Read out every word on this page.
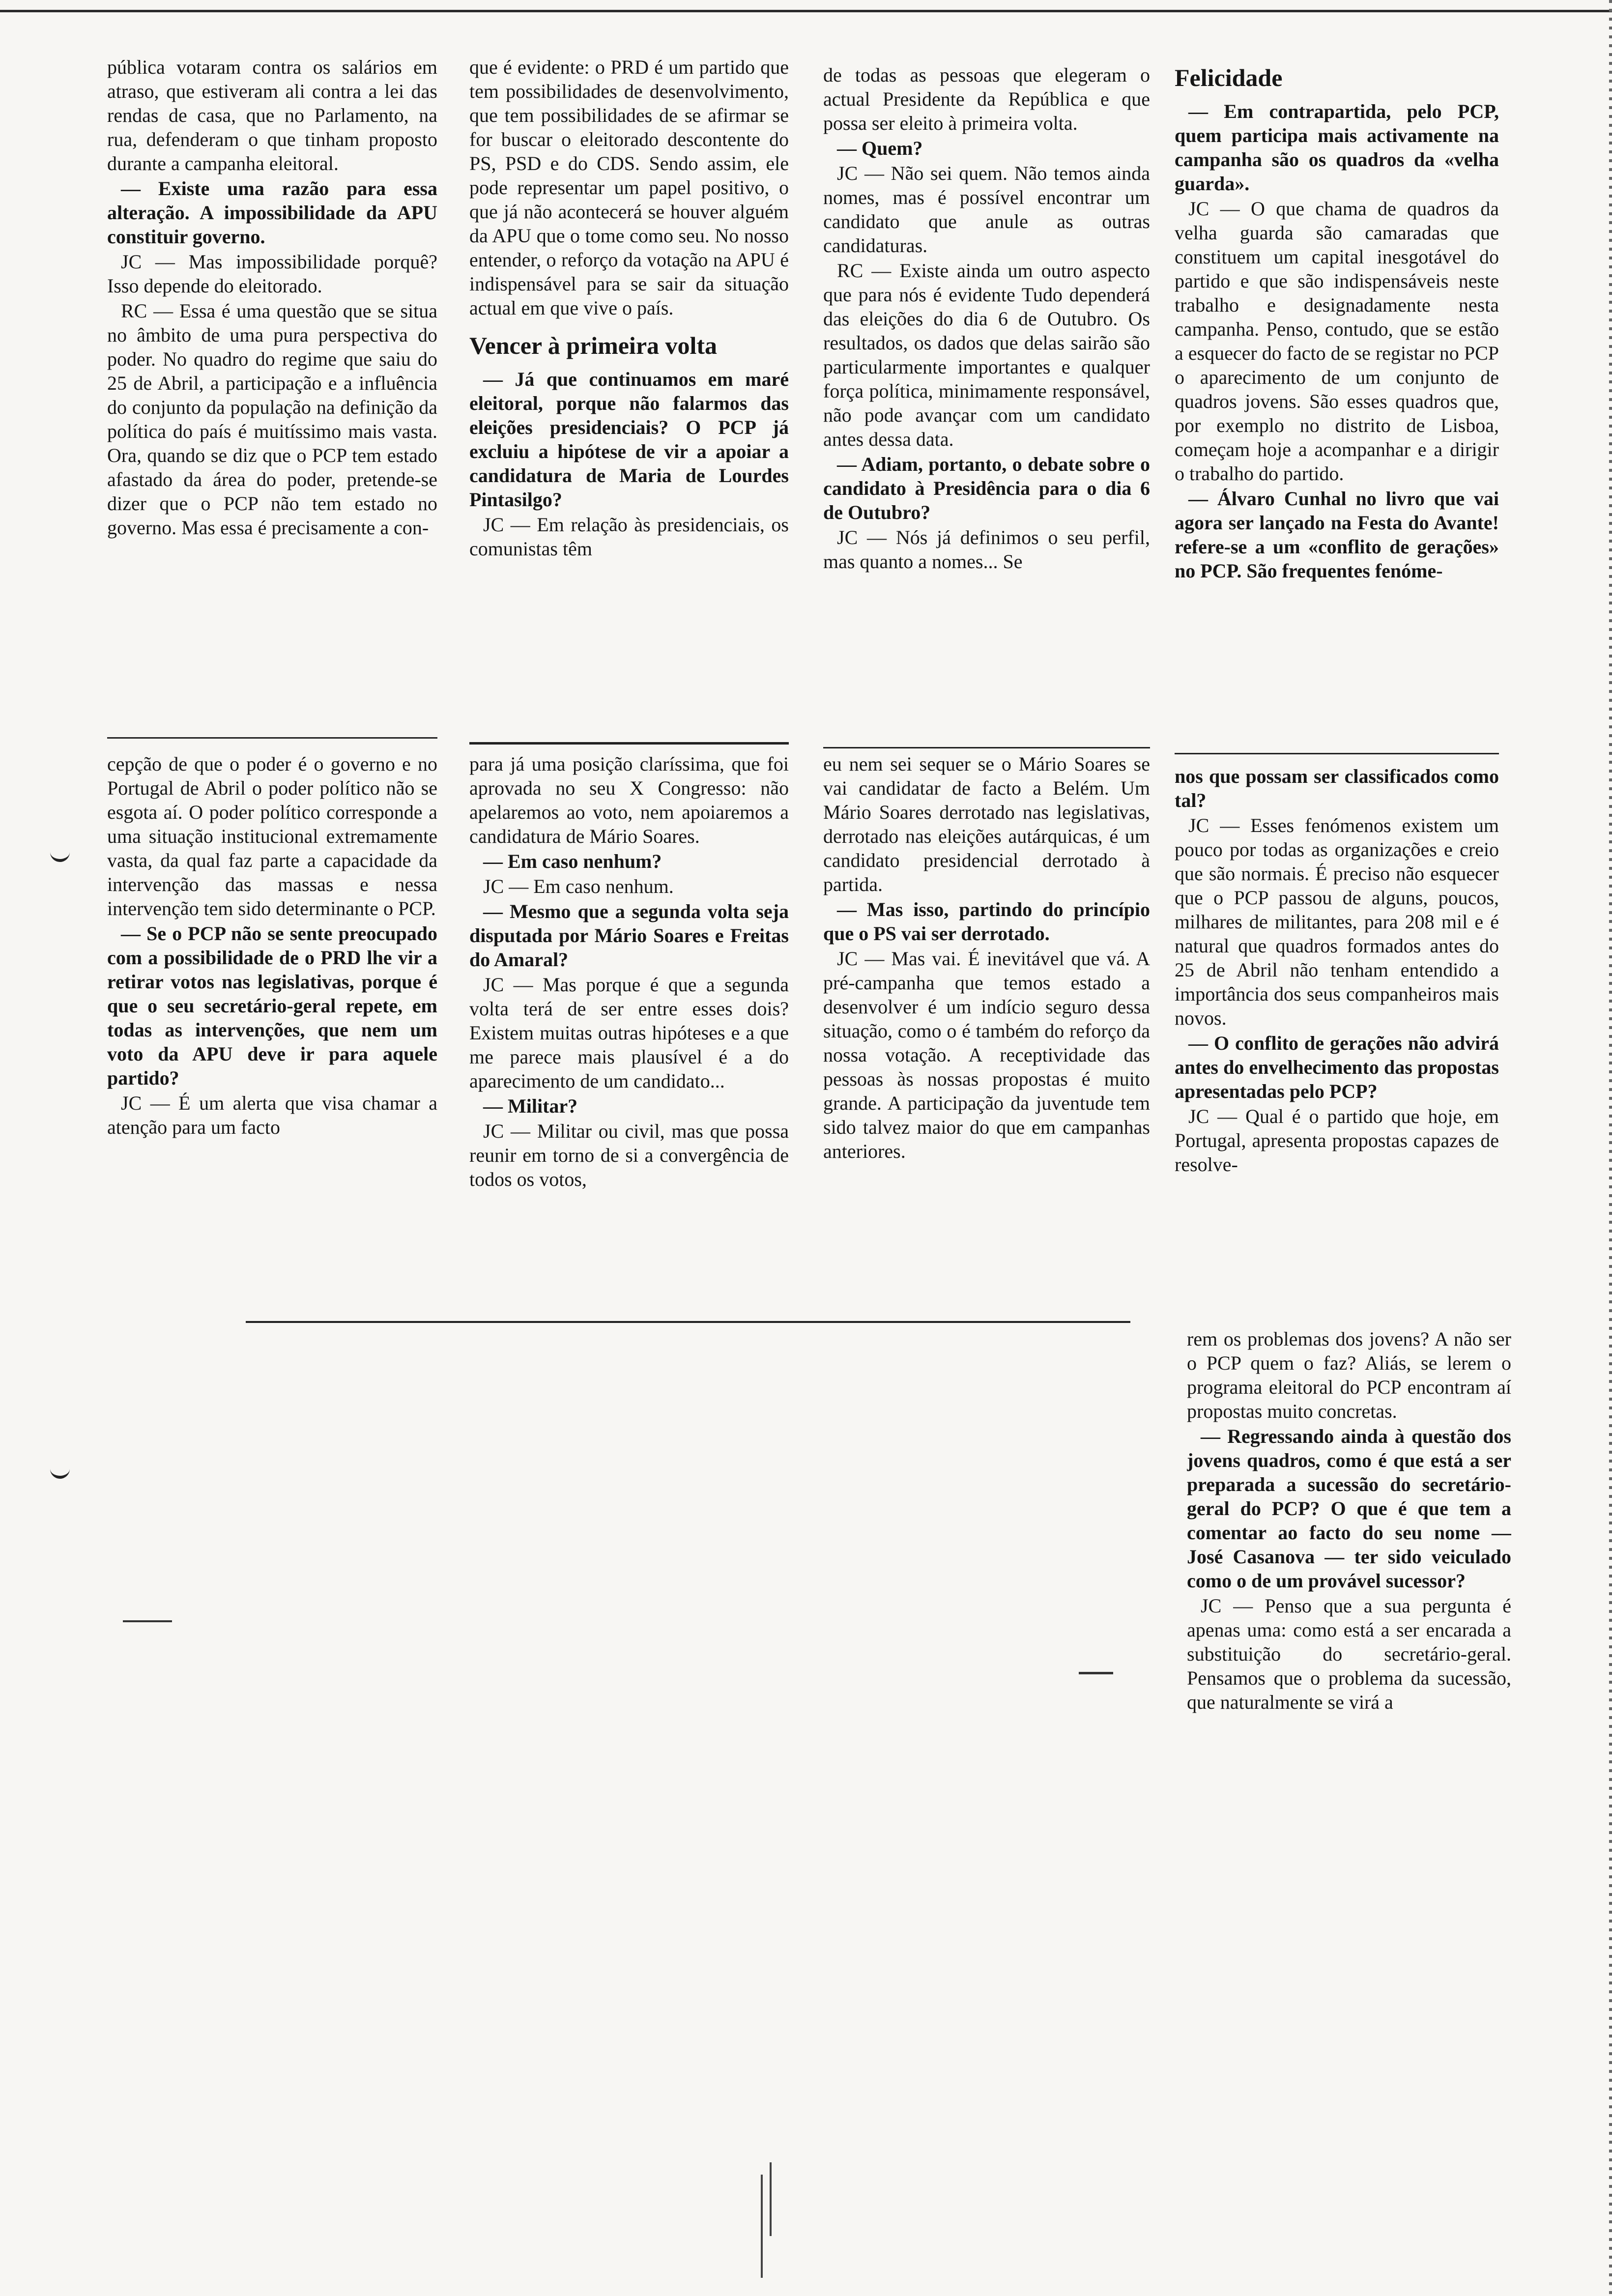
pública votaram contra os salários em atraso, que estiveram ali contra a lei das rendas de casa, que no Parlamento, na rua, defenderam o que tinham proposto durante a campanha eleitoral.

— Existe uma razão para essa alteração. A impossibilidade da APU constituir governo.

JC — Mas impossibilidade porquê? Isso depende do eleitorado.

RC — Essa é uma questão que se situa no âmbito de uma pura perspectiva do poder. No quadro do regime que saiu do 25 de Abril, a participação e a influência do conjunto da população na definição da política do país é muitíssimo mais vasta. Ora, quando se diz que o PCP tem estado afastado da área do poder, pretende-se dizer que o PCP não tem estado no governo. Mas essa é precisamente a con-

cepção de que o poder é o governo e no Portugal de Abril o poder político não se esgota aí. O poder político corresponde a uma situação institucional extremamente vasta, da qual faz parte a capacidade da intervenção das massas e nessa intervenção tem sido determinante o PCP.

— Se o PCP não se sente preocupado com a possibilidade de o PRD lhe vir a retirar votos nas legislativas, porque é que o seu secretário-geral repete, em todas as intervenções, que nem um voto da APU deve ir para aquele partido?

JC — É um alerta que visa chamar a atenção para um facto

que é evidente: o PRD é um partido que tem possibilidades de desenvolvimento, que tem possibilidades de se afirmar se for buscar o eleitorado descontente do PS, PSD e do CDS. Sendo assim, ele pode representar um papel positivo, o que já não acontecerá se houver alguém da APU que o tome como seu. No nosso entender, o reforço da votação na APU é indispensável para se sair da situação actual em que vive o país.

Vencer à primeira volta

— Já que continuamos em maré eleitoral, porque não falarmos das eleições presidenciais? O PCP já excluiu a hipótese de vir a apoiar a candidatura de Maria de Lourdes Pintasilgo?

JC — Em relação às presidenciais, os comunistas têm

para já uma posição claríssima, que foi aprovada no seu X Congresso: não apelaremos ao voto, nem apoiaremos a candidatura de Mário Soares.

— Em caso nenhum?

JC — Em caso nenhum.

— Mesmo que a segunda volta seja disputada por Mário Soares e Freitas do Amaral?

JC — Mas porque é que a segunda volta terá de ser entre esses dois? Existem muitas outras hipóteses e a que me parece mais plausível é a do aparecimento de um candidato...

— Militar?

JC — Militar ou civil, mas que possa reunir em torno de si a convergência de todos os votos,

de todas as pessoas que elegeram o actual Presidente da República e que possa ser eleito à primeira volta.

— Quem?

JC — Não sei quem. Não temos ainda nomes, mas é possível encontrar um candidato que anule as outras candidaturas.

RC — Existe ainda um outro aspecto que para nós é evidente Tudo dependerá das eleições do dia 6 de Outubro. Os resultados, os dados que delas sairão são particularmente importantes e qualquer força política, minimamente responsável, não pode avançar com um candidato antes dessa data.

— Adiam, portanto, o debate sobre o candidato à Presidência para o dia 6 de Outubro?

JC — Nós já definimos o seu perfil, mas quanto a nomes... Se

eu nem sei sequer se o Mário Soares se vai candidatar de facto a Belém. Um Mário Soares derrotado nas legislativas, derrotado nas eleições autárquicas, é um candidato presidencial derrotado à partida.

— Mas isso, partindo do princípio que o PS vai ser derrotado.

JC — Mas vai. É inevitável que vá. A pré-campanha que temos estado a desenvolver é um indício seguro dessa situação, como o é também do reforço da nossa votação. A receptividade das pessoas às nossas propostas é muito grande. A participação da juventude tem sido talvez maior do que em campanhas anteriores.

Felicidade

— Em contrapartida, pelo PCP, quem participa mais activamente na campanha são os quadros da «velha guarda».

JC — O que chama de quadros da velha guarda são camaradas que constituem um capital inesgotável do partido e que são indispensáveis neste trabalho e designadamente nesta campanha. Penso, contudo, que se estão a esquecer do facto de se registar no PCP o aparecimento de um conjunto de quadros jovens. São esses quadros que, por exemplo no distrito de Lisboa, começam hoje a acompanhar e a dirigir o trabalho do partido.

— Álvaro Cunhal no livro que vai agora ser lançado na Festa do Avante! refere-se a um «conflito de gerações» no PCP. São frequentes fenóme-

nos que possam ser classificados como tal?

JC — Esses fenómenos existem um pouco por todas as organizações e creio que são normais. É preciso não esquecer que o PCP passou de alguns, poucos, milhares de militantes, para 208 mil e é natural que quadros formados antes do 25 de Abril não tenham entendido a importância dos seus companheiros mais novos.

— O conflito de gerações não advirá antes do envelhecimento das propostas apresentadas pelo PCP?

JC — Qual é o partido que hoje, em Portugal, apresenta propostas capazes de resolve-

rem os problemas dos jovens? A não ser o PCP quem o faz? Aliás, se lerem o programa eleitoral do PCP encontram aí propostas muito concretas.

— Regressando ainda à questão dos jovens quadros, como é que está a ser preparada a sucessão do secretário-geral do PCP? O que é que tem a comentar ao facto do seu nome — José Casanova — ter sido veiculado como o de um provável sucessor?

JC — Penso que a sua pergunta é apenas uma: como está a ser encarada a substituição do secretário-geral. Pensamos que o problema da sucessão, que naturalmente se virá a
